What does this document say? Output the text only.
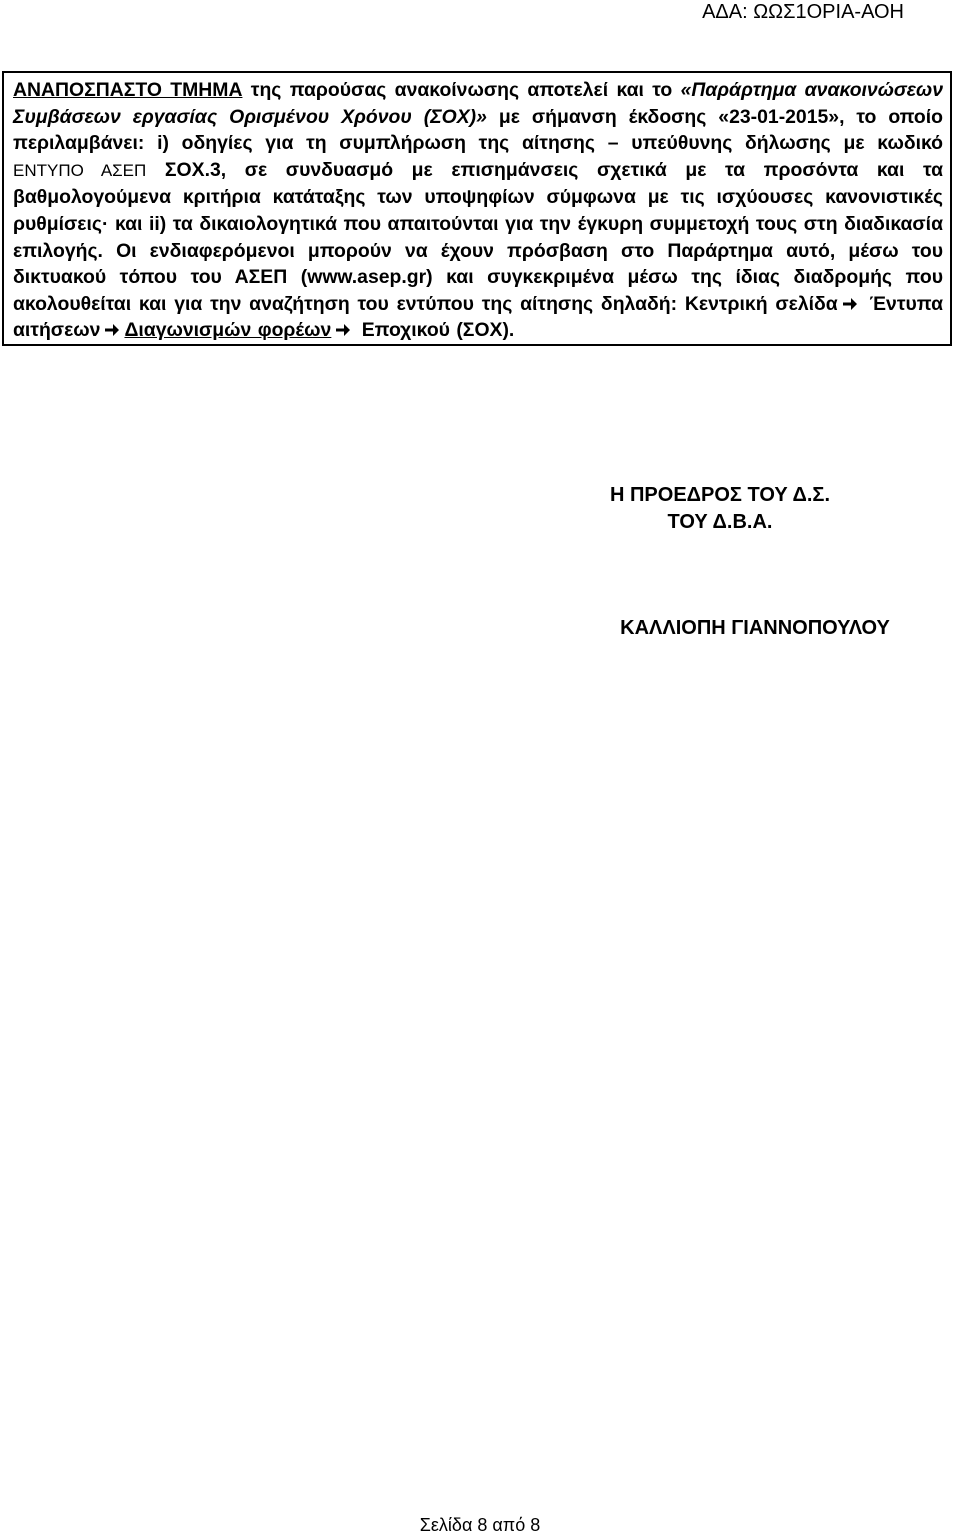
ΑΔΑ: ΩΩΣ1ΟΡΙΑ-ΑΟΗ
ΑΝΑΠΟΣΠΑΣΤΟ ΤΜΗΜΑ της παρούσας ανακοίνωσης αποτελεί και το «Παράρτημα ανακοινώσεων Συμβάσεων εργασίας Ορισμένου Χρόνου (ΣΟΧ)» με σήμανση έκδοσης «23-01-2015», το οποίο περιλαμβάνει: i) οδηγίες για τη συμπλήρωση της αίτησης – υπεύθυνης δήλωσης με κωδικό ΕΝΤΥΠΟ ΑΣΕΠ ΣΟΧ.3, σε συνδυασμό με επισημάνσεις σχετικά με τα προσόντα και τα βαθμολογούμενα κριτήρια κατάταξης των υποψηφίων σύμφωνα με τις ισχύουσες κανονιστικές ρυθμίσεις· και ii) τα δικαιολογητικά που απαιτούνται για την έγκυρη συμμετοχή τους στη διαδικασία επιλογής. Οι ενδιαφερόμενοι μπορούν να έχουν πρόσβαση στο Παράρτημα αυτό, μέσω του δικτυακού τόπου του ΑΣΕΠ (www.asep.gr) και συγκεκριμένα μέσω της ίδιας διαδρομής που ακολουθείται και για την αναζήτηση του εντύπου της αίτησης δηλαδή: Κεντρική σελίδα
Έντυπα αιτήσεων Διαγωνισμών φορέων
Εποχικού (ΣΟΧ).
Η ΠΡΟΕΔΡΟΣ ΤΟΥ Δ.Σ.
ΤΟΥ Δ.Β.Α.
ΚΑΛΛΙΟΠΗ ΓΙΑΝΝΟΠΟΥΛΟΥ
Σελίδα 8 από 8
